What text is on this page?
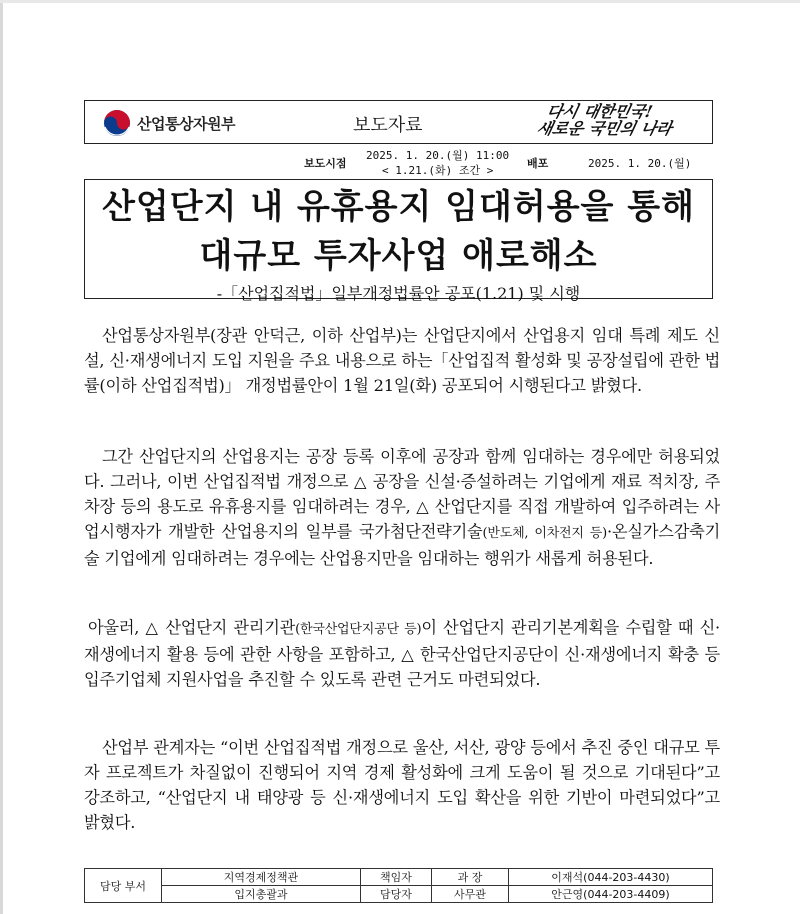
산업통상자원부	보도자료
다시 대한민국!
새로운 국민의 나라
보도시점
2025. 1. 20.(월) 11:00
< 1.21.(화) 조간 >
배포	2025. 1. 20.(월)
산업단지 내 유휴용지 임대허용을 통해
대규모 투자사업 애로해소
-「산업집적법」일부개정법률안 공포(1.21) 및 시행
산업통상자원부(장관 안덕근, 이하 산업부)는 산업단지에서 산업용지 임대 특례 제도 신설, 신·재생에너지 도입 지원을 주요 내용으로 하는「산업집적 활성화 및 공장설립에 관한 법률(이하 산업집적법)」 개정법률안이 1월 21일(화) 공포되어 시행된다고 밝혔다.
그간 산업단지의 산업용지는 공장 등록 이후에 공장과 함께 임대하는 경우에만 허용되었다. 그러나, 이번 산업집적법 개정으로 △ 공장을 신설·증설하려는 기업에게 재료 적치장, 주차장 등의 용도로 유휴용지를 임대하려는 경우, △ 산업단지를 직접 개발하여 입주하려는 사업시행자가 개발한 산업용지의 일부를 국가첨단전략기술(반도체, 이차전지 등)·온실가스감축기술 기업에게 임대하려는 경우에는 산업용지만을 임대하는 행위가 새롭게 허용된다.
아울러, △ 산업단지 관리기관(한국산업단지공단 등)이 산업단지 관리기본계획을 수립할 때 신·재생에너지 활용 등에 관한 사항을 포함하고, △ 한국산업단지공단이 신·재생에너지 확충 등 입주기업체 지원사업을 추진할 수 있도록 관련 근거도 마련되었다.
산업부 관계자는 “이번 산업집적법 개정으로 울산, 서산, 광양 등에서 추진 중인 대규모 투자 프로젝트가 차질없이 진행되어 지역 경제 활성화에 크게 도움이 될 것으로 기대된다”고 강조하고, “산업단지 내 태양광 등 신·재생에너지 도입 확산을 위한 기반이 마련되었다”고 밝혔다.
담당 부서	지역경제정책관	책임자	과 장	이재석(044-203-4430)
	입지총괄과	담당자	사무관	안근영(044-203-4409)
